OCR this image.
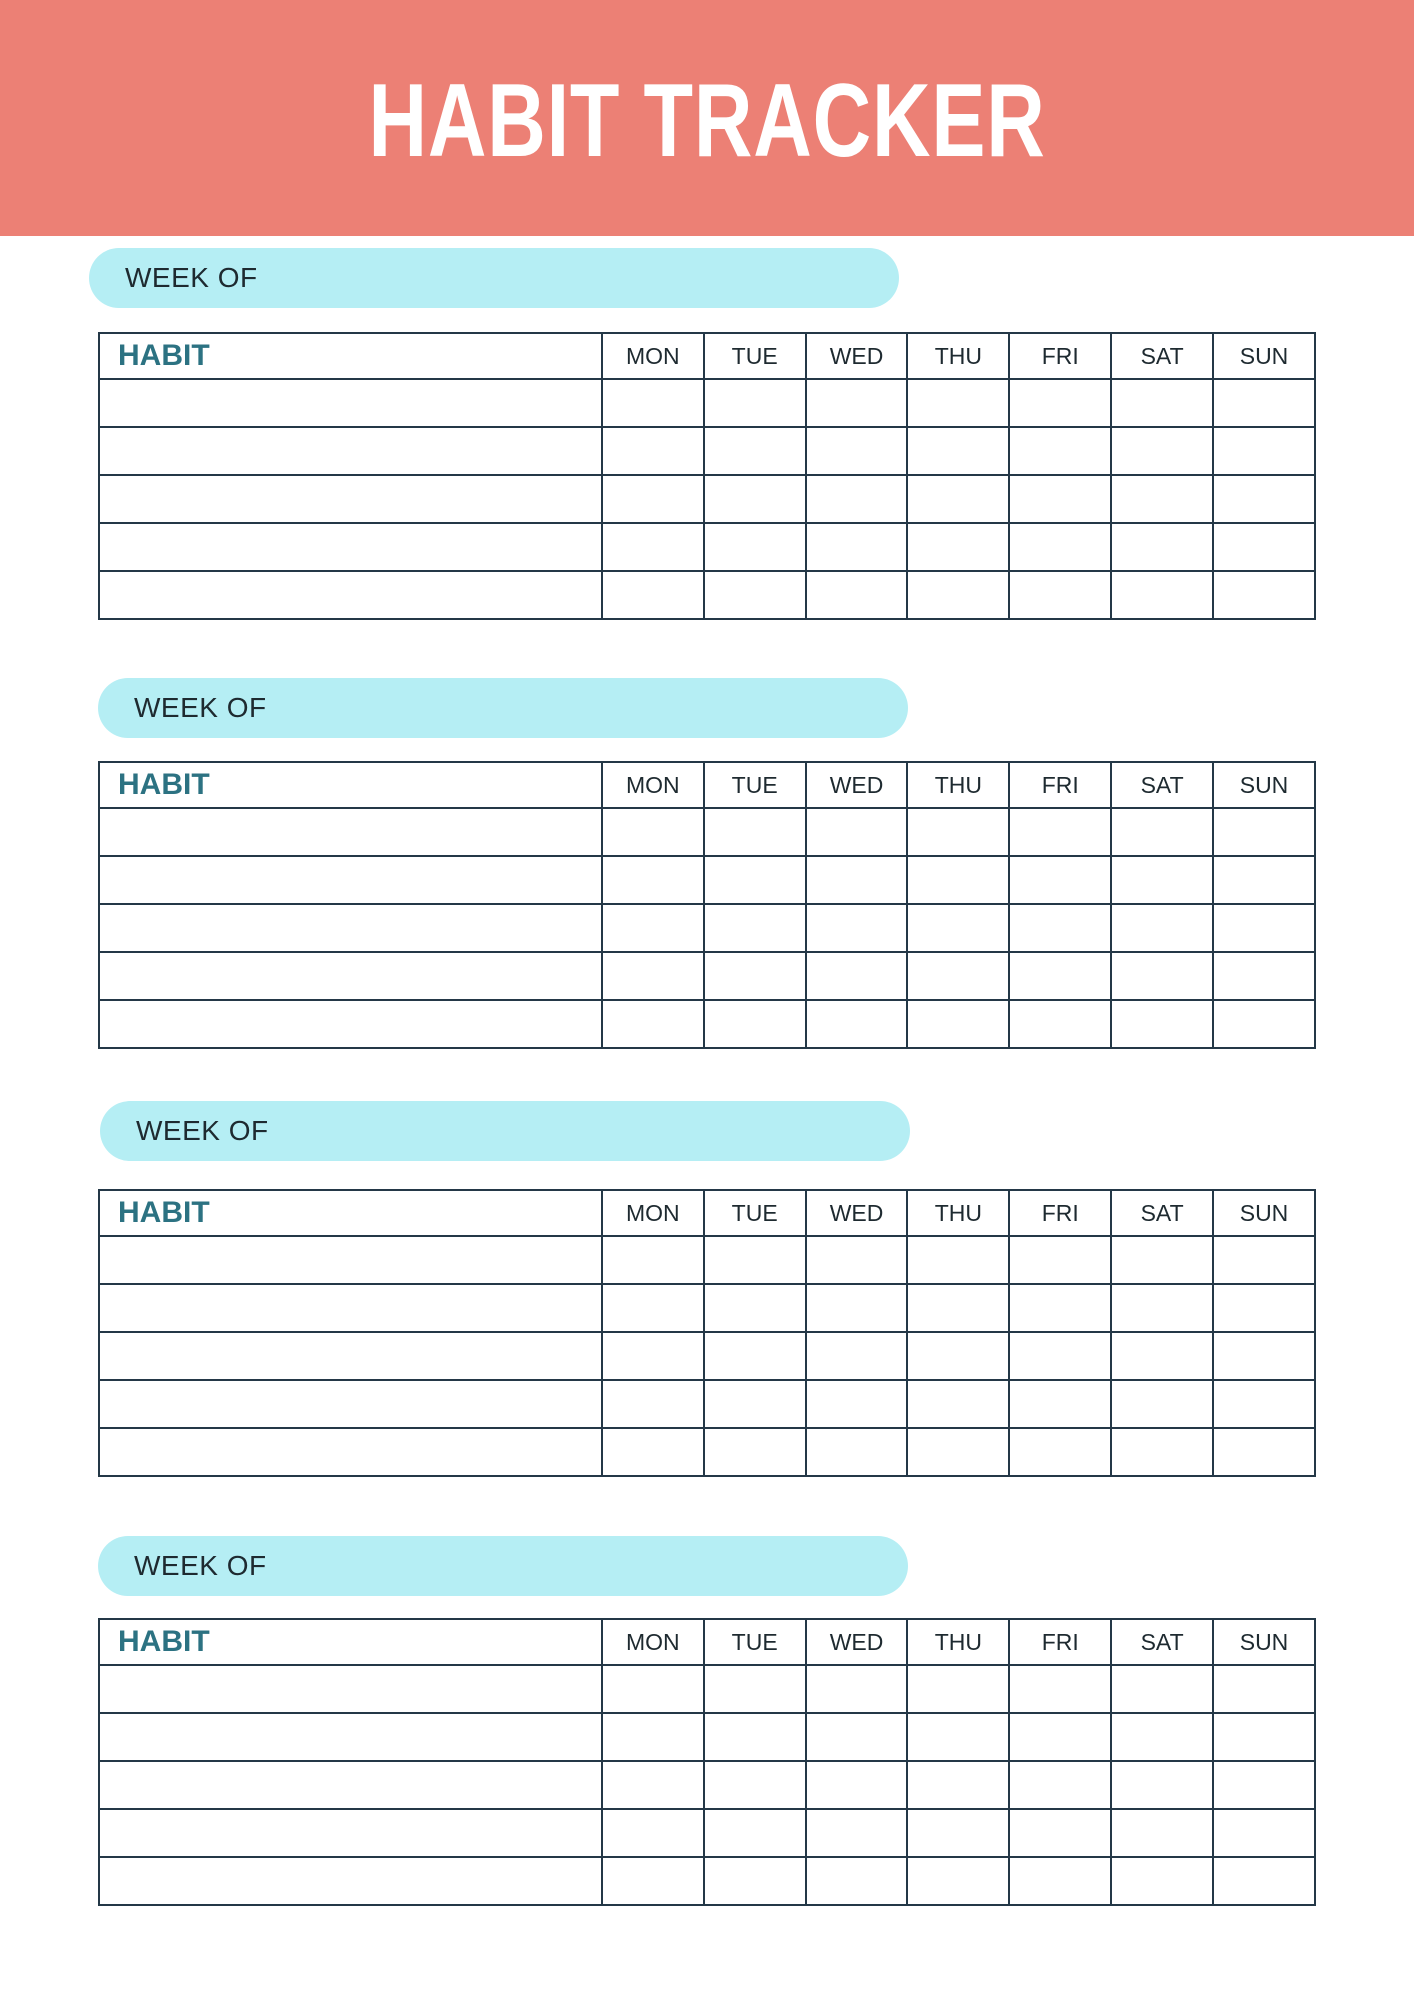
HABIT TRACKER
WEEK OF
HABIT	MON	TUE	WED	THU	FRI	SAT	SUN

WEEK OF
HABIT	MON	TUE	WED	THU	FRI	SAT	SUN

WEEK OF
HABIT	MON	TUE	WED	THU	FRI	SAT	SUN

WEEK OF
HABIT	MON	TUE	WED	THU	FRI	SAT	SUN
